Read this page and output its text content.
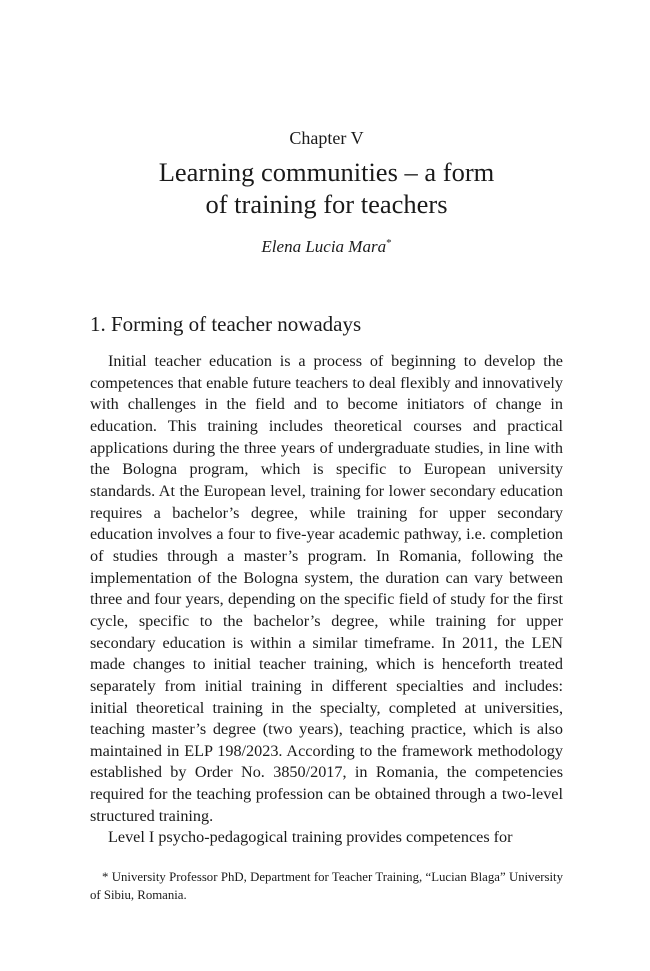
Chapter V
Learning communities – a form
of training for teachers
Elena Lucia Mara*
1. Forming of teacher nowadays

Initial teacher education is a process of beginning to develop the competences that enable future teachers to deal flexibly and innovatively with challenges in the field and to become initiators of change in education. This training includes theoretical courses and practical applications during the three years of undergraduate studies, in line with the Bologna program, which is specific to European university standards. At the European level, training for lower secondary education requires a bachelor’s degree, while training for upper secondary education involves a four to five-year academic pathway, i.e. completion of studies through a master’s program. In Romania, following the implementation of the Bologna system, the duration can vary between three and four years, depending on the specific field of study for the first cycle, specific to the bachelor’s degree, while training for upper secondary education is within a similar timeframe. In 2011, the LEN made changes to initial teacher training, which is henceforth treated separately from initial training in different specialties and includes: initial theoretical training in the specialty, completed at universities, teaching master’s degree (two years), teaching practice, which is also maintained in ELP 198/2023. According to the framework methodology established by Order No. 3850/2017, in Romania, the competencies required for the teaching profession can be obtained through a two-level structured training.

Level I psycho-pedagogical training provides competences for

* University Professor PhD, Department for Teacher Training, “Lucian Blaga” University of Sibiu, Romania.
